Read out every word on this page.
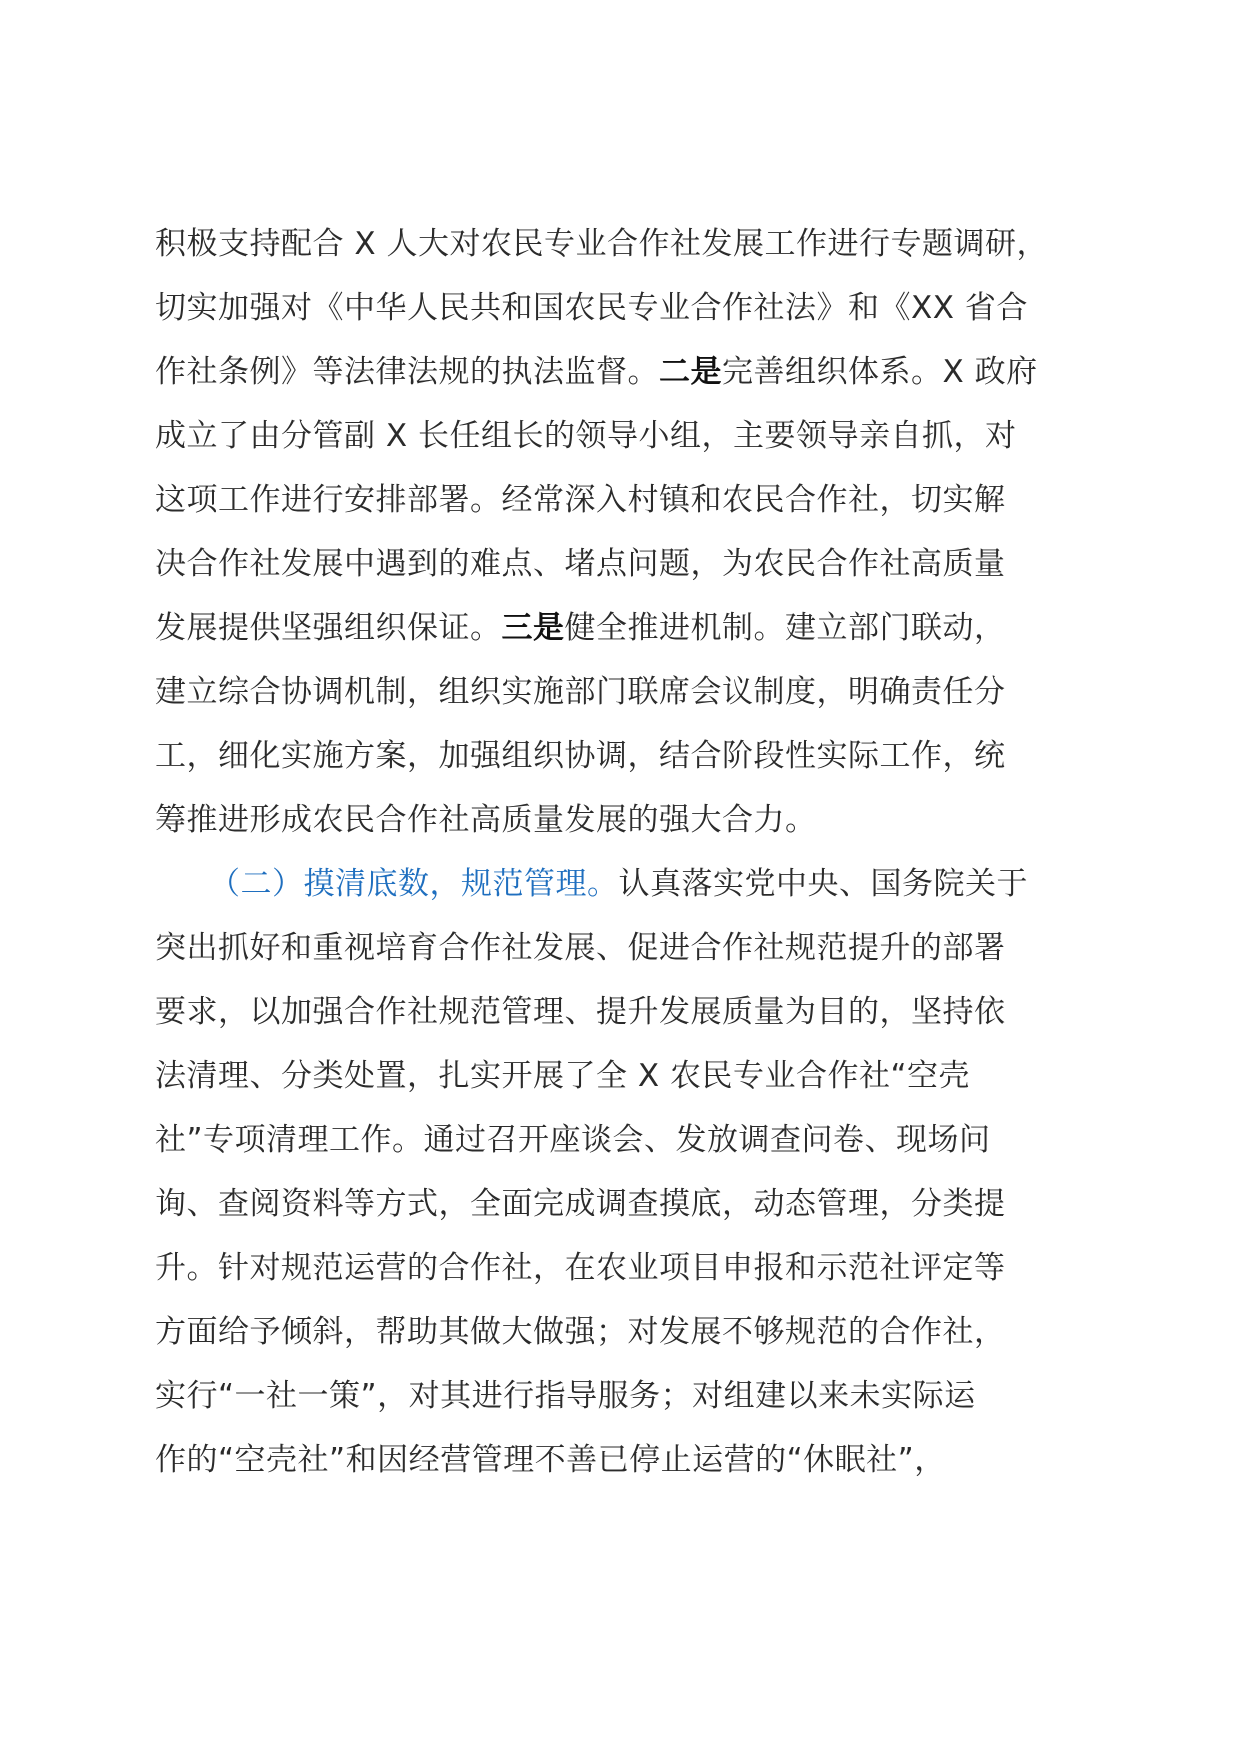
积极支持配合 X 人大对农民专业合作社发展工作进行专题调研，
切实加强对《中华人民共和国农民专业合作社法》和《XX 省合
作社条例》等法律法规的执法监督。二是完善组织体系。X 政府
成立了由分管副 X 长任组长的领导小组，主要领导亲自抓，对
这项工作进行安排部署。经常深入村镇和农民合作社，切实解
决合作社发展中遇到的难点、堵点问题，为农民合作社高质量
发展提供坚强组织保证。三是健全推进机制。建立部门联动，
建立综合协调机制，组织实施部门联席会议制度，明确责任分
工，细化实施方案，加强组织协调，结合阶段性实际工作，统
筹推进形成农民合作社高质量发展的强大合力。
（二）摸清底数，规范管理。认真落实党中央、国务院关于
突出抓好和重视培育合作社发展、促进合作社规范提升的部署
要求，以加强合作社规范管理、提升发展质量为目的，坚持依
法清理、分类处置，扎实开展了全 X 农民专业合作社“空壳
社”专项清理工作。通过召开座谈会、发放调查问卷、现场问
询、查阅资料等方式，全面完成调查摸底，动态管理，分类提
升。针对规范运营的合作社，在农业项目申报和示范社评定等
方面给予倾斜，帮助其做大做强；对发展不够规范的合作社，
实行“一社一策”，对其进行指导服务；对组建以来未实际运
作的“空壳社”和因经营管理不善已停止运营的“休眠社”，
